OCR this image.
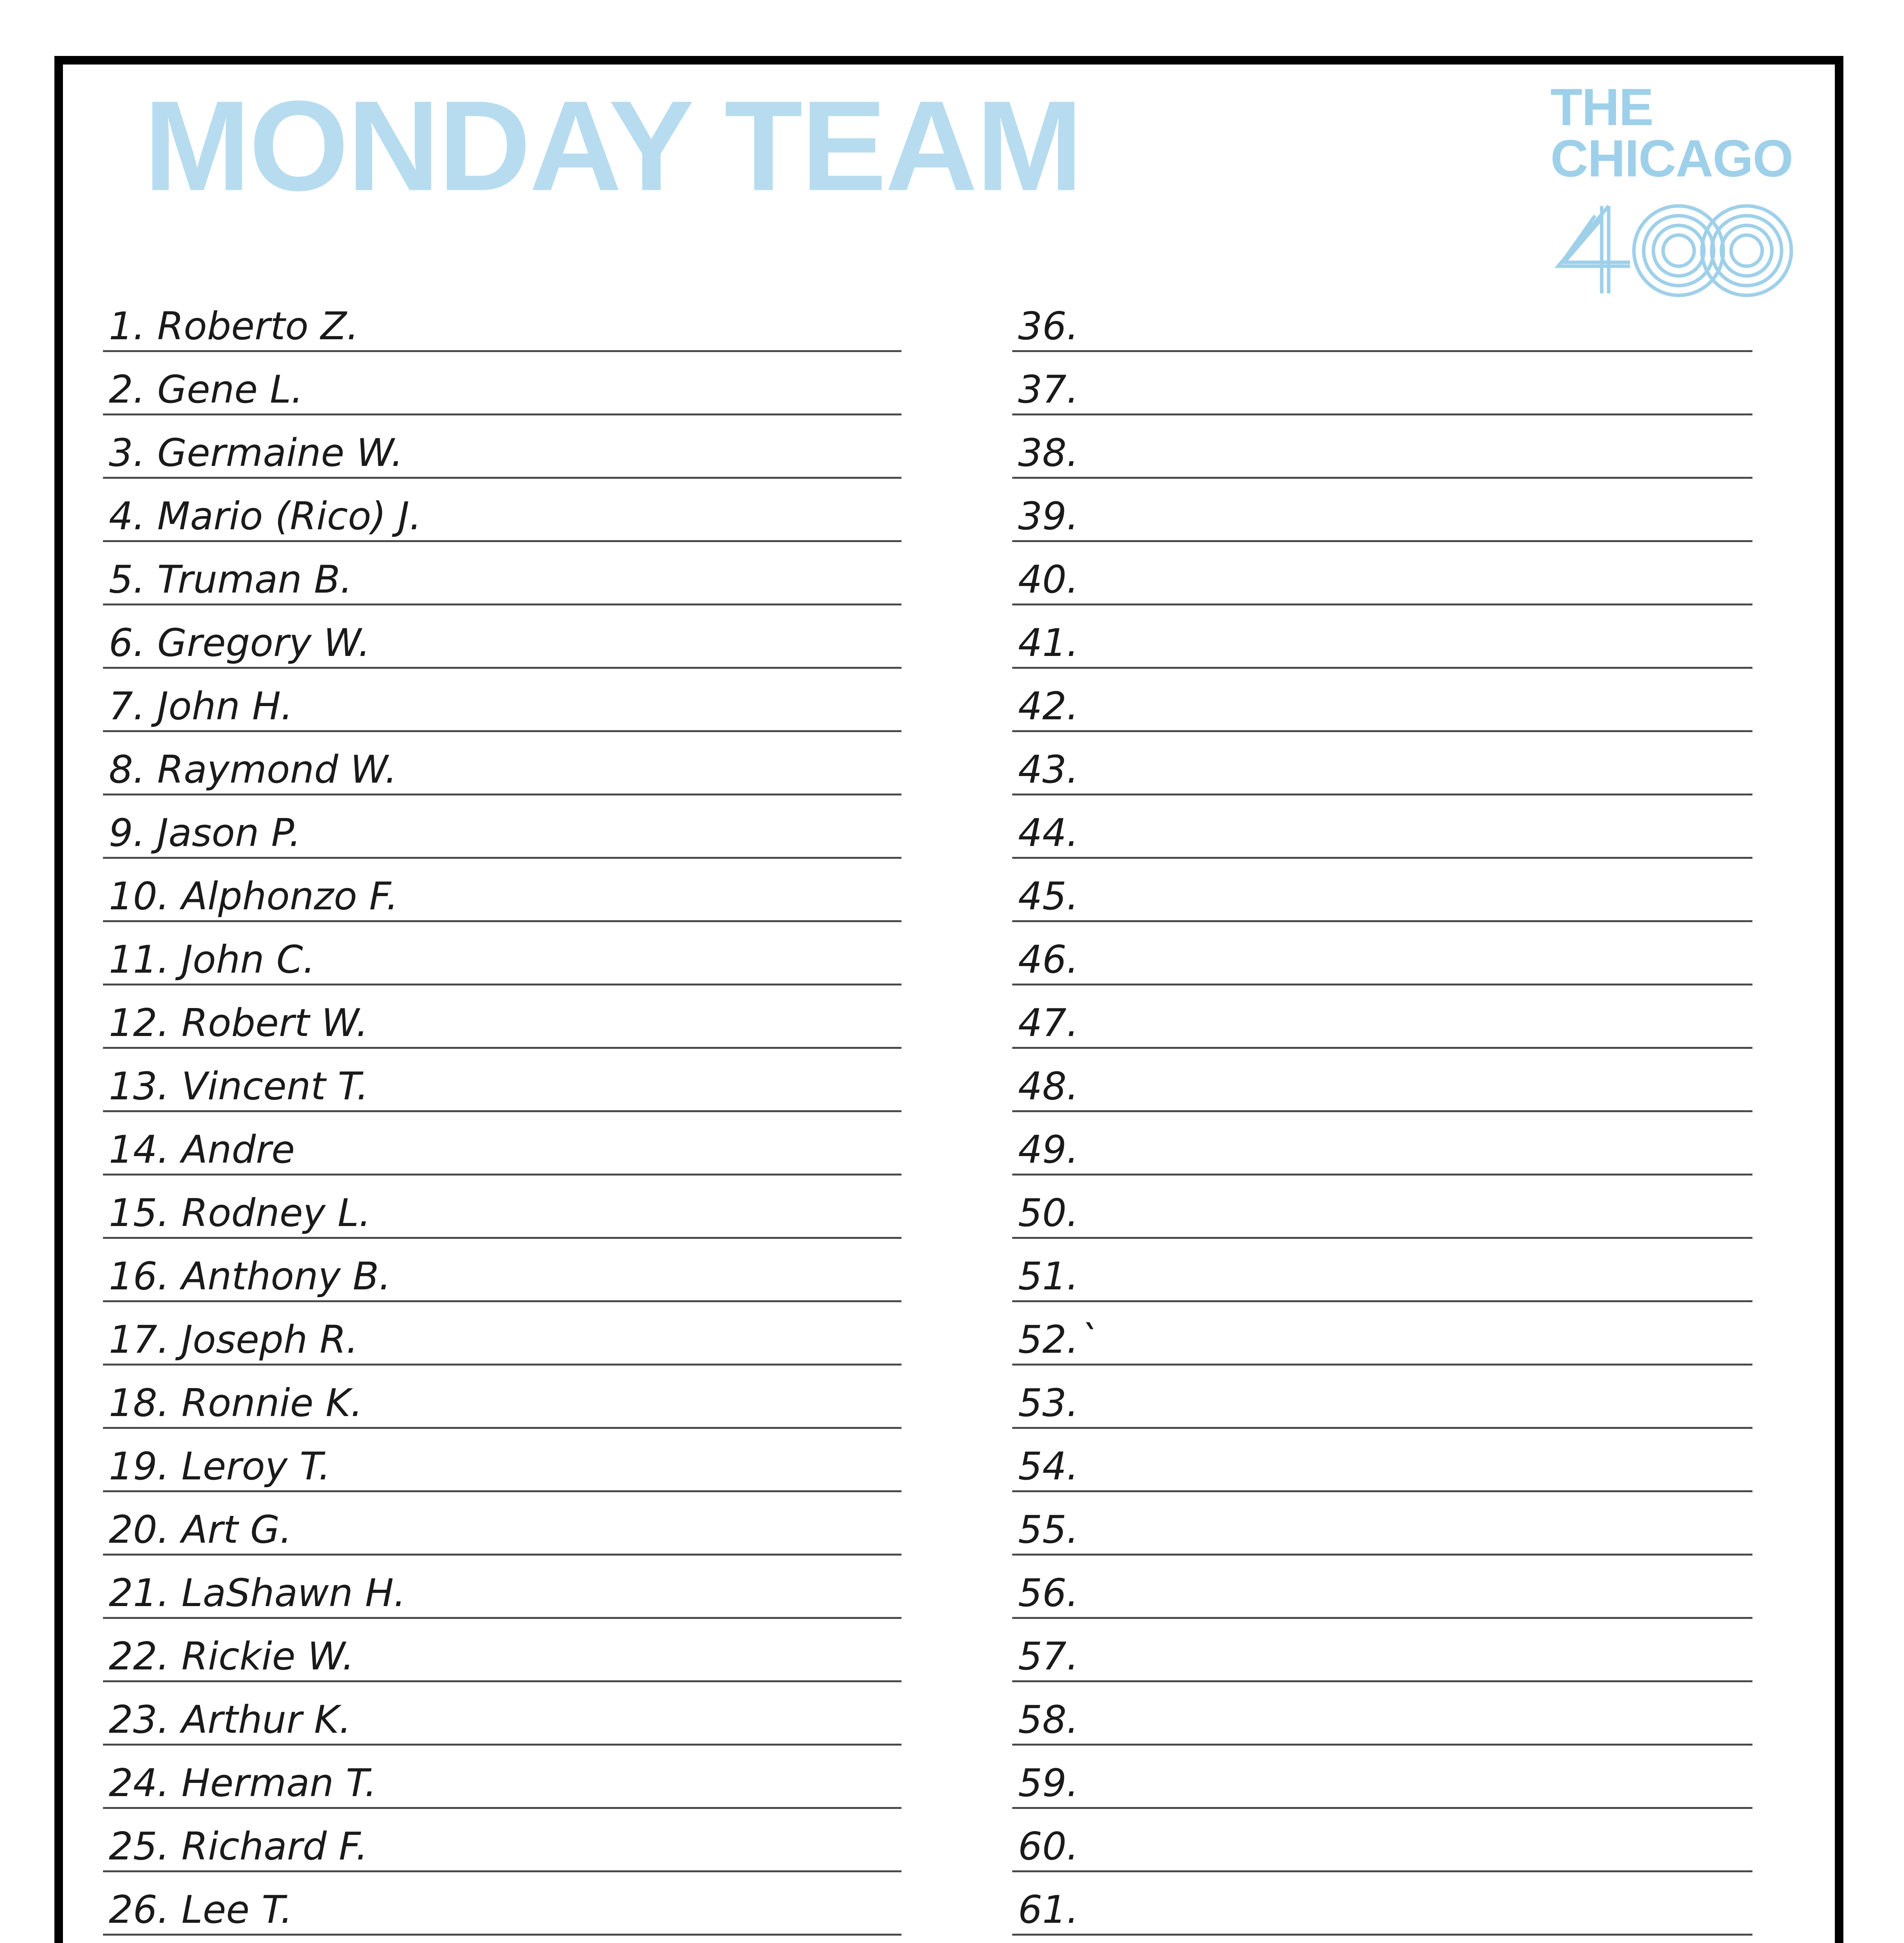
MONDAY TEAM	THE
CHICAGO
1. Roberto Z.
2. Gene L.
3. Germaine W.
4. Mario (Rico) J.
5. Truman B.
6. Gregory W.
7. John H.
8. Raymond W.
9. Jason P.
10. Alphonzo F.
11. John C.
12. Robert W.
13. Vincent T.
14. Andre
15. Rodney L.
16. Anthony B.
17. Joseph R.
18. Ronnie K.
19. Leroy T.
20. Art G.
21. LaShawn H.
22. Rickie W.
23. Arthur K.
24. Herman T.
25. Richard F.
26. Lee T.
36.
37.
38.
39.
40.
41.
42.
43.
44.
45.
46.
47.
48.
49.
50.
51.
52.`
53.
54.
55.
56.
57.
58.
59.
60.
61.
